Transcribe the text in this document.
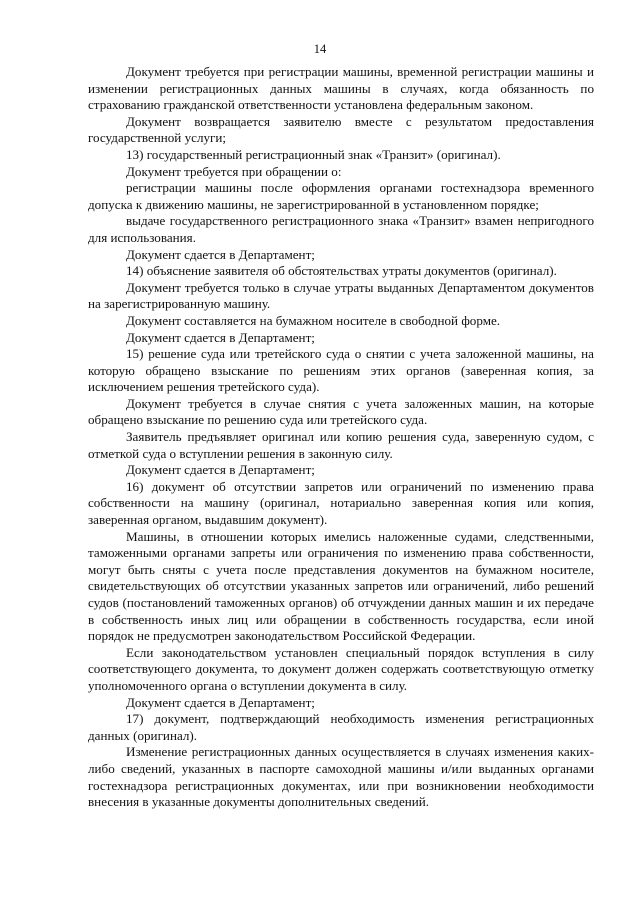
14

Документ требуется при регистрации машины, временной регистрации машины и изменении регистрационных данных машины в случаях, когда обязанность по страхованию гражданской ответственности установлена федеральным законом.

Документ возвращается заявителю вместе с результатом предоставления государственной услуги;

13) государственный регистрационный знак «Транзит» (оригинал).

Документ требуется при обращении о:

регистрации машины после оформления органами гостехнадзора временного допуска к движению машины, не зарегистрированной в установленном порядке;

выдаче государственного регистрационного знака «Транзит» взамен непригодного для использования.

Документ сдается в Департамент;

14) объяснение заявителя об обстоятельствах утраты документов (оригинал).

Документ требуется только в случае утраты выданных Департаментом документов на зарегистрированную машину.

Документ составляется на бумажном носителе в свободной форме.

Документ сдается в Департамент;

15) решение суда или третейского суда о снятии с учета заложенной машины, на которую обращено взыскание по решениям этих органов (заверенная копия, за исключением решения третейского суда).

Документ требуется в случае снятия с учета заложенных машин, на которые обращено взыскание по решению суда или третейского суда.

Заявитель предъявляет оригинал или копию решения суда, заверенную судом, с отметкой суда о вступлении решения в законную силу.

Документ сдается в Департамент;

16) документ об отсутствии запретов или ограничений по изменению права собственности на машину (оригинал, нотариально заверенная копия или копия, заверенная органом, выдавшим документ).

Машины, в отношении которых имелись наложенные судами, следственными, таможенными органами запреты или ограничения по изменению права собственности, могут быть сняты с учета после представления документов на бумажном носителе, свидетельствующих об отсутствии указанных запретов или ограничений, либо решений судов (постановлений таможенных органов) об отчуждении данных машин и их передаче в собственность иных лиц или обращении в собственность государства, если иной порядок не предусмотрен законодательством Российской Федерации.

Если законодательством установлен специальный порядок вступления в силу соответствующего документа, то документ должен содержать соответствующую отметку уполномоченного органа о вступлении документа в силу.

Документ сдается в Департамент;

17) документ, подтверждающий необходимость изменения регистрационных данных (оригинал).

Изменение регистрационных данных осуществляется в случаях изменения каких-либо сведений, указанных в паспорте самоходной машины и/или выданных органами гостехнадзора регистрационных документах, или при возникновении необходимости внесения в указанные документы дополнительных сведений.
